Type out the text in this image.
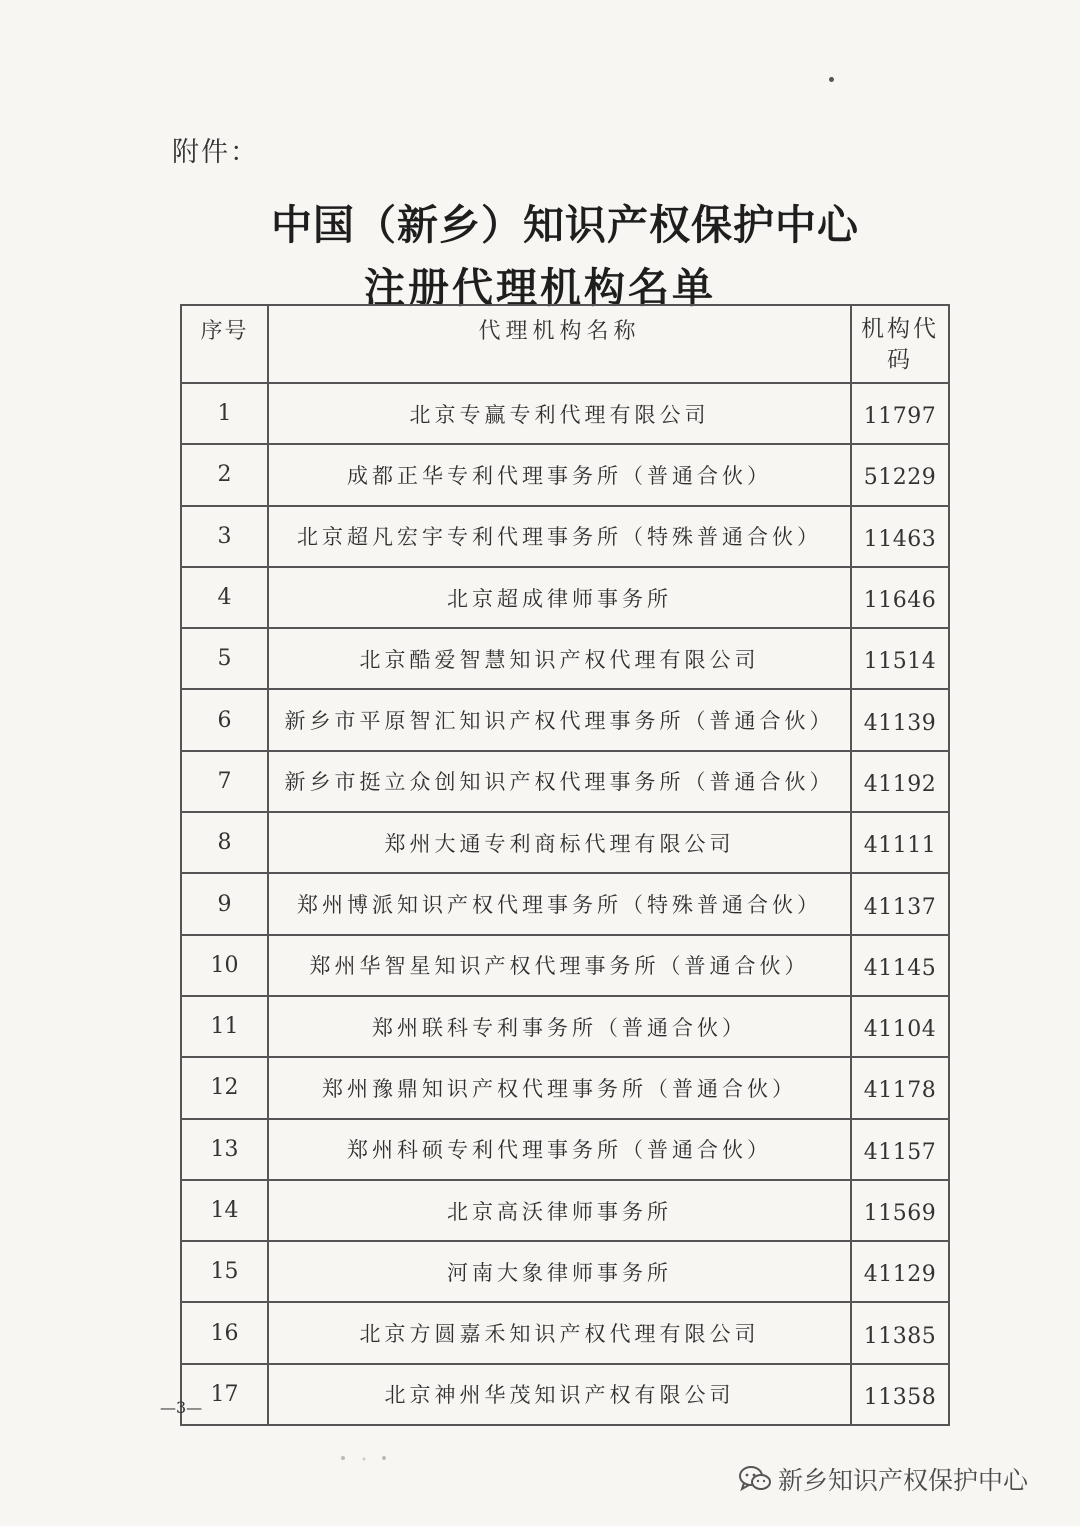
附件：
中国（新乡）知识产权保护中心
注册代理机构名单
序号	代理机构名称	机构代
码
1	北京专赢专利代理有限公司	11797
2	成都正华专利代理事务所（普通合伙）	51229
3	北京超凡宏宇专利代理事务所（特殊普通合伙）	11463
4	北京超成律师事务所	11646
5	北京酷爱智慧知识产权代理有限公司	11514
6	新乡市平原智汇知识产权代理事务所（普通合伙）	41139
7	新乡市挺立众创知识产权代理事务所（普通合伙）	41192
8	郑州大通专利商标代理有限公司	41111
9	郑州博派知识产权代理事务所（特殊普通合伙）	41137
10	郑州华智星知识产权代理事务所（普通合伙）	41145
11	郑州联科专利事务所（普通合伙）	41104
12	郑州豫鼎知识产权代理事务所（普通合伙）	41178
13	郑州科硕专利代理事务所（普通合伙）	41157
14	北京高沃律师事务所	11569
15	河南大象律师事务所	41129
16	北京方圆嘉禾知识产权代理有限公司	11385
17	北京神州华茂知识产权有限公司	11358
—3—
新乡知识产权保护中心
